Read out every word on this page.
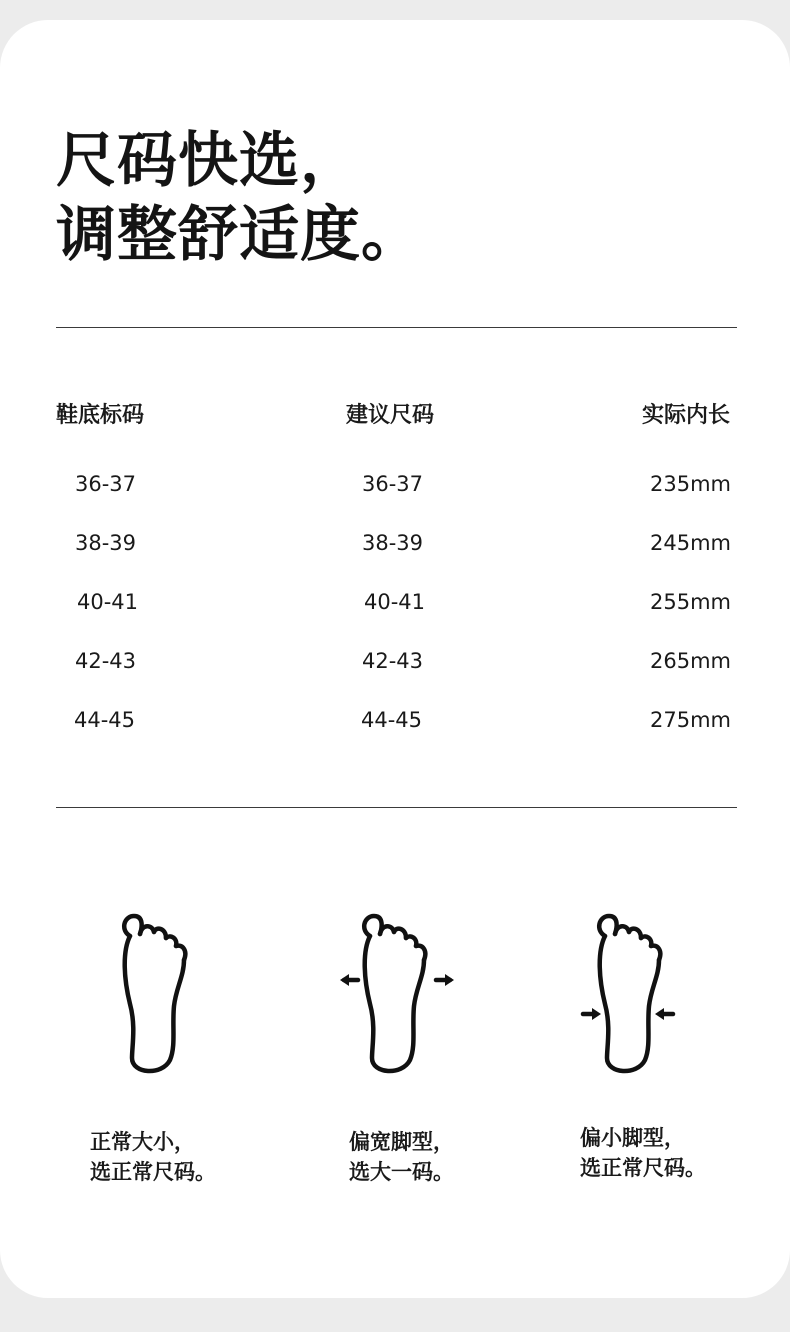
尺码快选，
调整舒适度。
鞋底标码	建议尺码	实际内长
36-37	36-37	235mm
38-39	38-39	245mm
40-41	40-41	255mm
42-43	42-43	265mm
44-45	44-45	275mm
正常大小，
选正常尺码。
偏宽脚型，
选大一码。
偏小脚型，
选正常尺码。
